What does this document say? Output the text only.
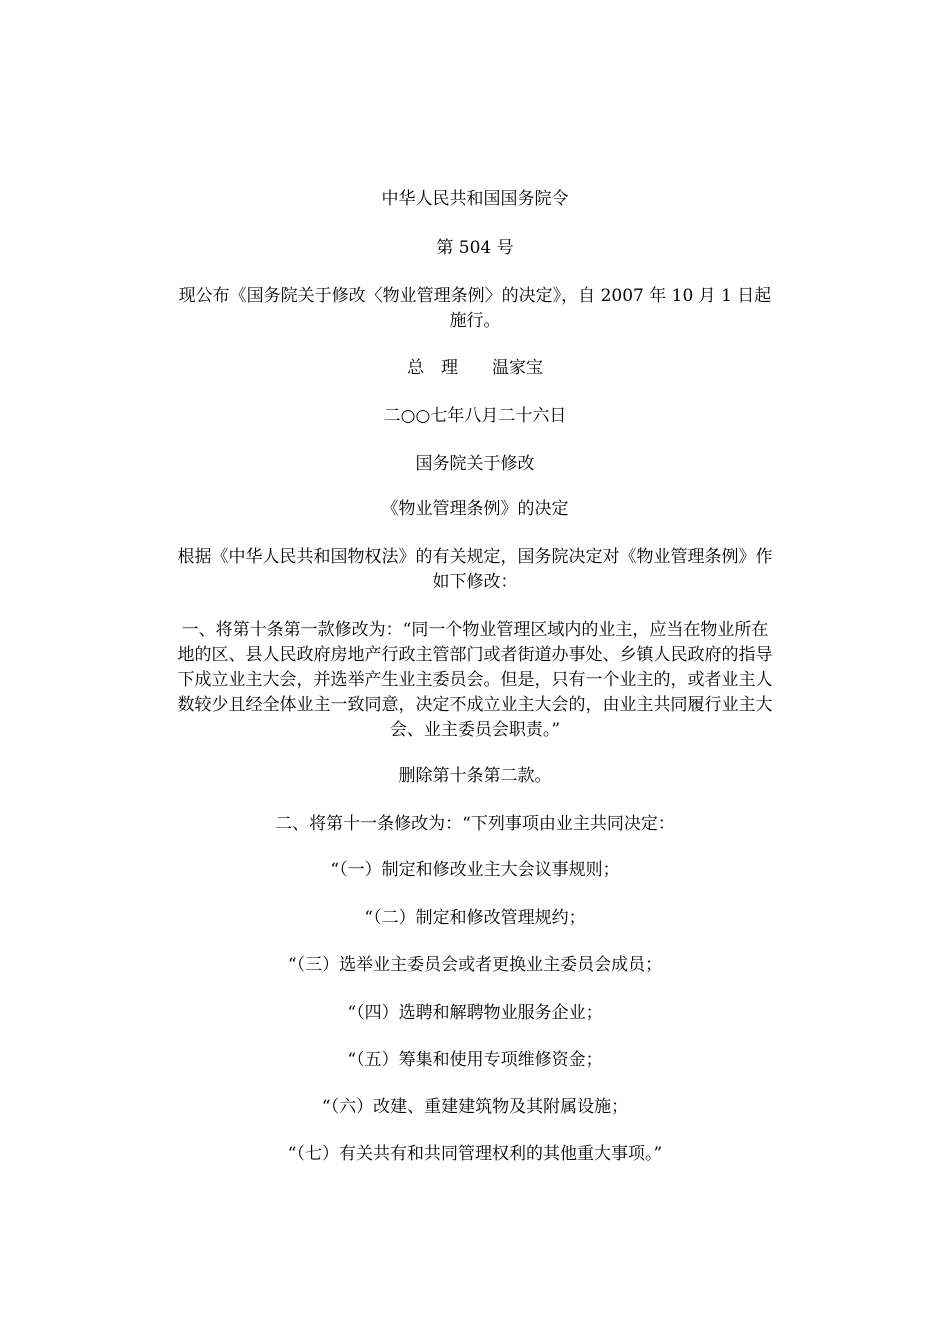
中华人民共和国国务院令
第 504 号
现公布《国务院关于修改〈物业管理条例〉的决定》，自 2007 年 10 月 1 日起
施行。
总　理　　温家宝
二○○七年八月二十六日
国务院关于修改
《物业管理条例》的决定
根据《中华人民共和国物权法》的有关规定，国务院决定对《物业管理条例》作
如下修改：
一、将第十条第一款修改为：“同一个物业管理区域内的业主，应当在物业所在
地的区、县人民政府房地产行政主管部门或者街道办事处、乡镇人民政府的指导
下成立业主大会，并选举产生业主委员会。但是，只有一个业主的，或者业主人
数较少且经全体业主一致同意，决定不成立业主大会的，由业主共同履行业主大
会、业主委员会职责。”
删除第十条第二款。
二、将第十一条修改为：“下列事项由业主共同决定：
“（一）制定和修改业主大会议事规则；
“（二）制定和修改管理规约；
“（三）选举业主委员会或者更换业主委员会成员；
“（四）选聘和解聘物业服务企业；
“（五）筹集和使用专项维修资金；
“（六）改建、重建建筑物及其附属设施；
“（七）有关共有和共同管理权利的其他重大事项。”
